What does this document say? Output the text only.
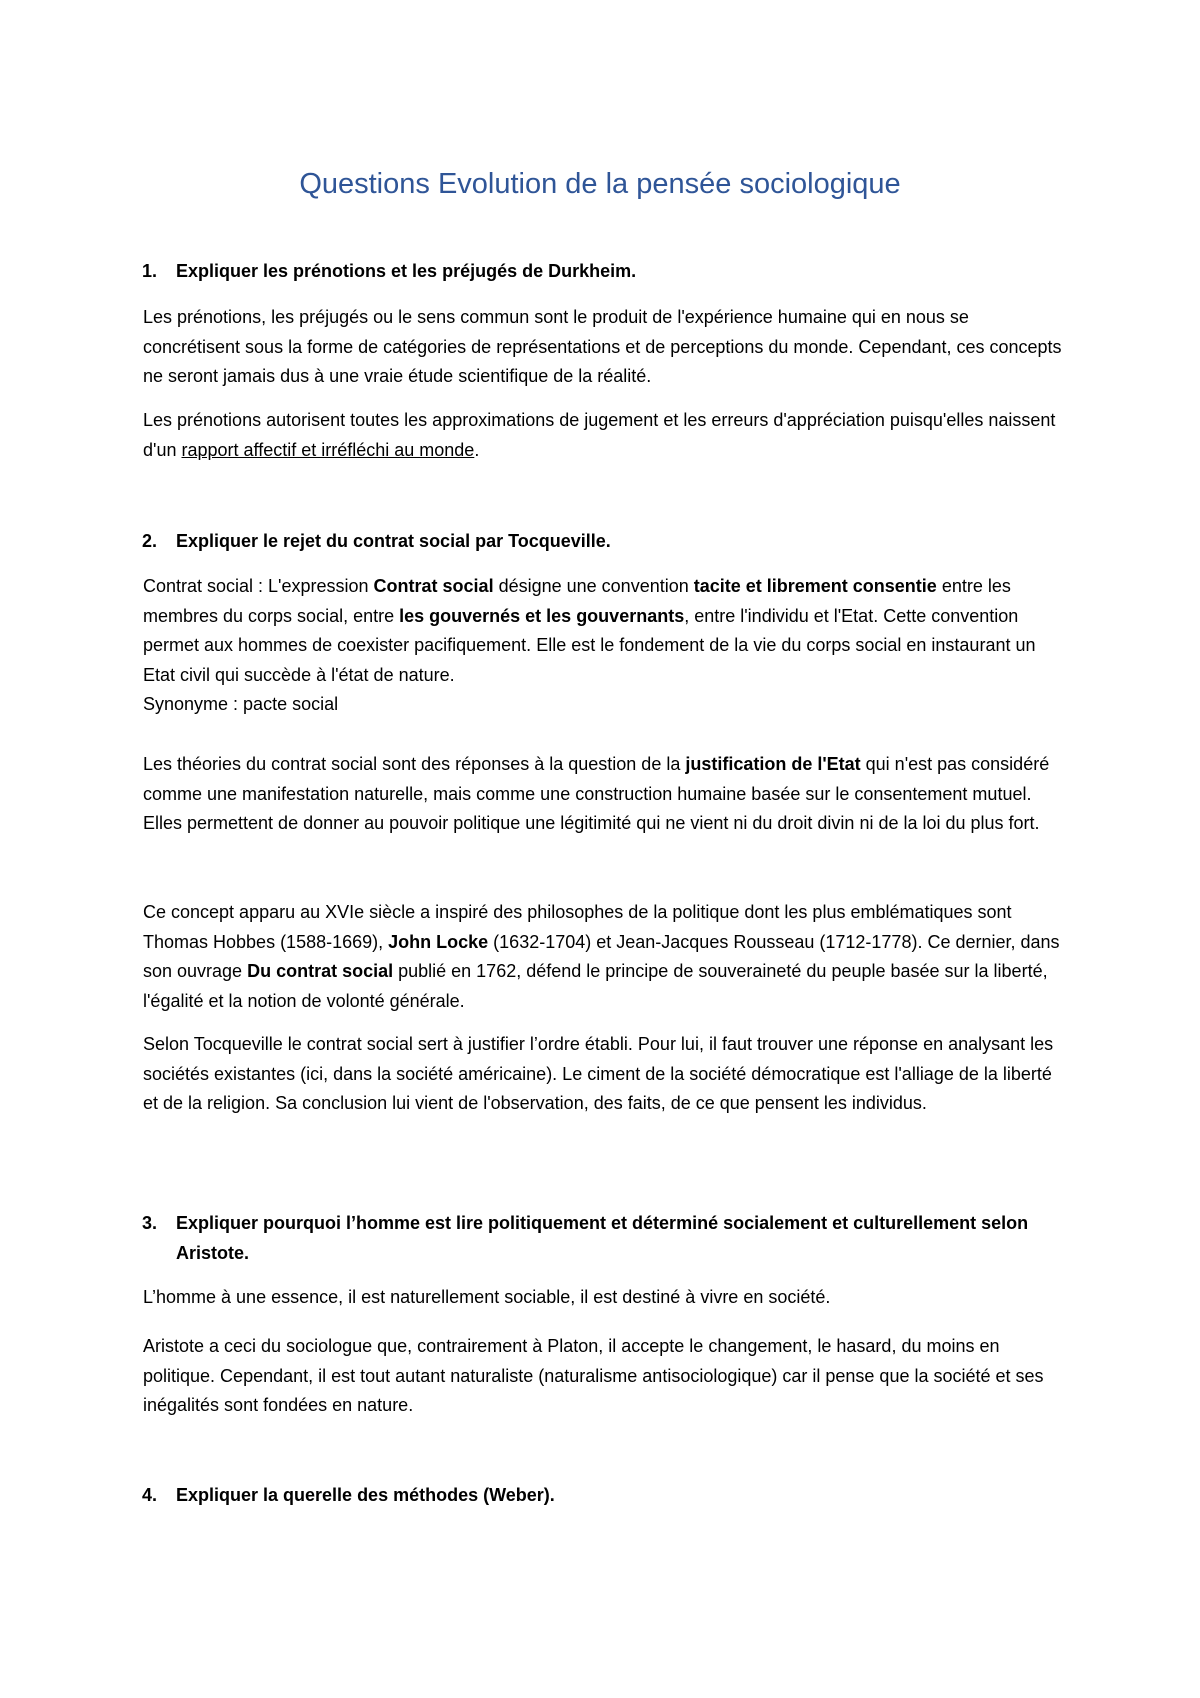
Questions Evolution de la pensée sociologique
1. Expliquer les prénotions et les préjugés de Durkheim.

Les prénotions, les préjugés ou le sens commun sont le produit de l'expérience humaine qui en nous se concrétisent sous la forme de catégories de représentations et de perceptions du monde. Cependant, ces concepts ne seront jamais dus à une vraie étude scientifique de la réalité.

Les prénotions autorisent toutes les approximations de jugement et les erreurs d'appréciation puisqu'elles naissent d'un rapport affectif et irréfléchi au monde.

2. Expliquer le rejet du contrat social par Tocqueville.

Contrat social : L'expression Contrat social désigne une convention tacite et librement consentie entre les membres du corps social, entre les gouvernés et les gouvernants, entre l'individu et l'Etat. Cette convention permet aux hommes de coexister pacifiquement. Elle est le fondement de la vie du corps social en instaurant un Etat civil qui succède à l'état de nature.

Synonyme : pacte social

Les théories du contrat social sont des réponses à la question de la justification de l'Etat qui n'est pas considéré comme une manifestation naturelle, mais comme une construction humaine basée sur le consentement mutuel. Elles permettent de donner au pouvoir politique une légitimité qui ne vient ni du droit divin ni de la loi du plus fort.

Ce concept apparu au XVIe siècle a inspiré des philosophes de la politique dont les plus emblématiques sont Thomas Hobbes (1588-1669), John Locke (1632-1704) et Jean-Jacques Rousseau (1712-1778). Ce dernier, dans son ouvrage Du contrat social publié en 1762, défend le principe de souveraineté du peuple basée sur la liberté, l'égalité et la notion de volonté générale.

Selon Tocqueville le contrat social sert à justifier l’ordre établi. Pour lui, il faut trouver une réponse en analysant les sociétés existantes (ici, dans la société américaine). Le ciment de la société démocratique est l'alliage de la liberté et de la religion. Sa conclusion lui vient de l'observation, des faits, de ce que pensent les individus.

3. Expliquer pourquoi l’homme est lire politiquement et déterminé socialement et culturellement selon Aristote.

L’homme à une essence, il est naturellement sociable, il est destiné à vivre en société.

Aristote a ceci du sociologue que, contrairement à Platon, il accepte le changement, le hasard, du moins en politique. Cependant, il est tout autant naturaliste (naturalisme antisociologique) car il pense que la société et ses inégalités sont fondées en nature.

4. Expliquer la querelle des méthodes (Weber).
